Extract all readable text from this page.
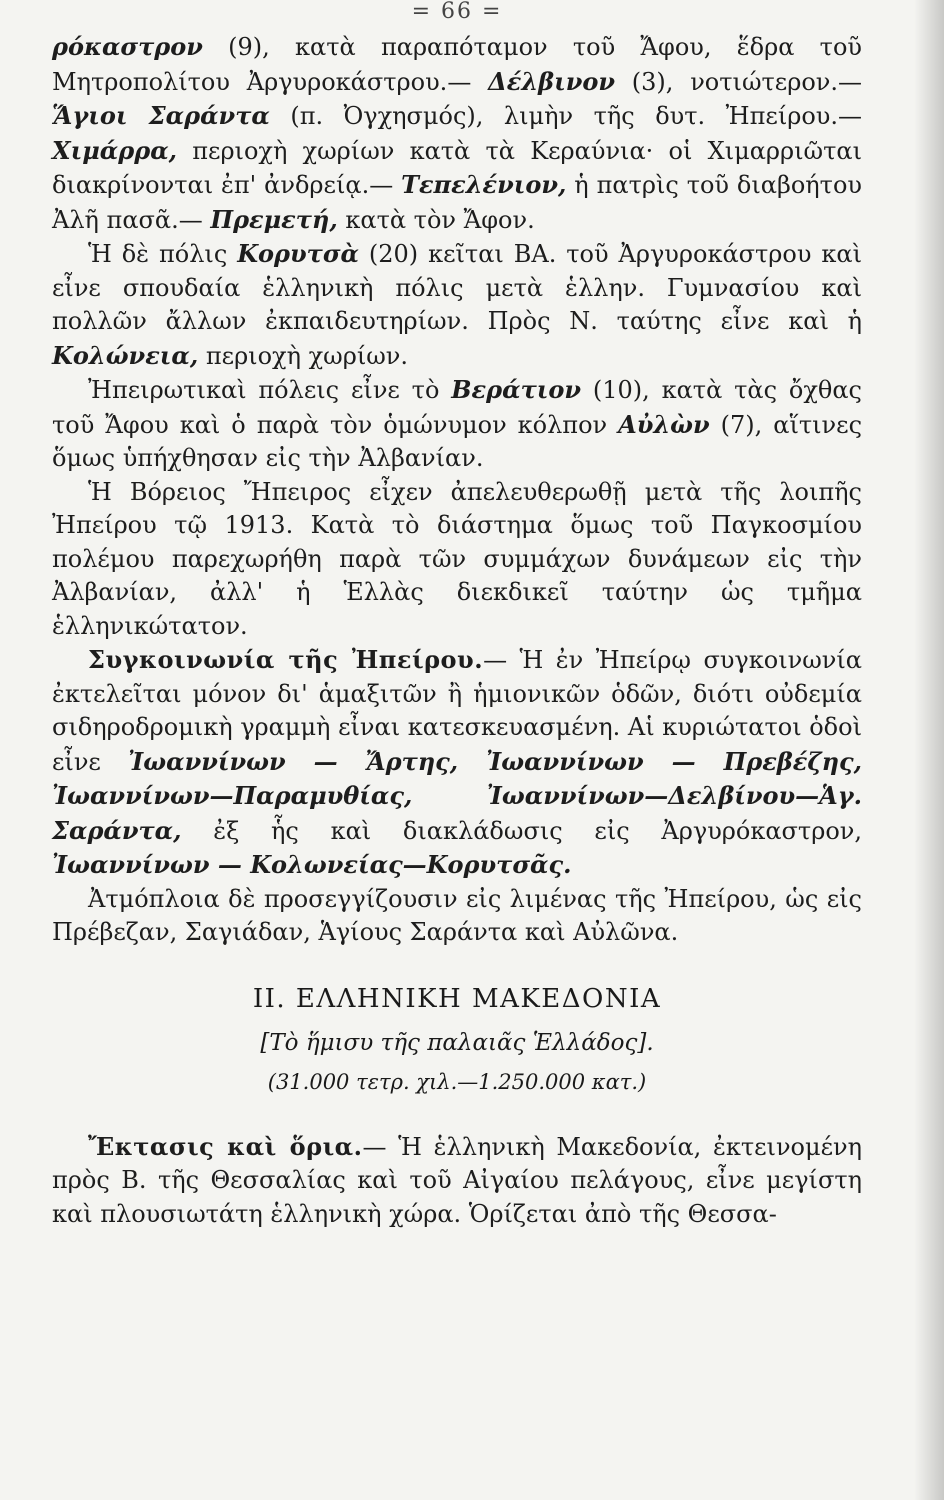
= 66 =

ρόκαστρον (9), κατὰ παραπόταμον τοῦ Ἄφου, ἕδρα τοῦ Μητροπολίτου Ἀργυροκάστρου.— Δέλβινον (3), νοτιώτερον.— Ἅγιοι Σαράντα (π. Ὀγχησμός), λιμὴν τῆς δυτ. Ἠπείρου.— Χιμάρρα, περιοχὴ χωρίων κατὰ τὰ Κεραύνια· οἱ Χιμαρριῶται διακρίνονται ἐπ' ἀνδρείᾳ.— Τεπελένιον, ἡ πατρὶς τοῦ διαβοήτου Ἀλῆ πασᾶ.— Πρεμετή, κατὰ τὸν Ἄφον.

Ἡ δὲ πόλις Κορυτσὰ (20) κεῖται ΒΑ. τοῦ Ἀργυροκάστρου καὶ εἶνε σπουδαία ἑλληνικὴ πόλις μετὰ ἑλλην. Γυμνασίου καὶ πολλῶν ἄλλων ἐκπαιδευτηρίων. Πρὸς Ν. ταύτης εἶνε καὶ ἡ Κολώνεια, περιοχὴ χωρίων.

Ἠπειρωτικαὶ πόλεις εἶνε τὸ Βεράτιον (10), κατὰ τὰς ὄχθας τοῦ Ἄφου καὶ ὁ παρὰ τὸν ὁμώνυμον κόλπον Αὐλὼν (7), αἵτινες ὅμως ὑπήχθησαν εἰς τὴν Ἀλβανίαν.

Ἡ Βόρειος Ἤπειρος εἶχεν ἀπελευθερωθῇ μετὰ τῆς λοιπῆς Ἠπείρου τῷ 1913. Κατὰ τὸ διάστημα ὅμως τοῦ Παγκοσμίου πολέμου παρεχωρήθη παρὰ τῶν συμμάχων δυνάμεων εἰς τὴν Ἀλβανίαν, ἀλλ' ἡ Ἑλλὰς διεκδικεῖ ταύτην ὡς τμῆμα ἑλληνικώτατον.

Συγκοινωνία τῆς Ἠπείρου.— Ἡ ἐν Ἠπείρῳ συγκοινωνία ἐκτελεῖται μόνον δι' ἁμαξιτῶν ἢ ἡμιονικῶν ὁδῶν, διότι οὐδεμία σιδηροδρομικὴ γραμμὴ εἶναι κατεσκευασμένη. Αἱ κυριώτατοι ὁδοὶ εἶνε Ἰωαννίνων — Ἄρτης, Ἰωαννίνων — Πρεβέζης, Ἰωαννίνων—Παραμυθίας, Ἰωαννίνων—Δελβίνου—Ἁγ. Σαράντα, ἐξ ἧς καὶ διακλάδωσις εἰς Ἀργυρόκαστρον, Ἰωαννίνων — Κολωνείας—Κορυτσᾶς.

Ἀτμόπλοια δὲ προσεγγίζουσιν εἰς λιμένας τῆς Ἠπείρου, ὡς εἰς Πρέβεζαν, Σαγιάδαν, Ἁγίους Σαράντα καὶ Αὐλῶνα.

II. ΕΛΛΗΝΙΚΗ ΜΑΚΕΔΟΝΙΑ
[Τὸ ἥμισυ τῆς παλαιᾶς Ἑλλάδος].
(31.000 τετρ. χιλ.—1.250.000 κατ.)

Ἔκτασις καὶ ὅρια.— Ἡ ἑλληνικὴ Μακεδονία, ἐκτεινομένη πρὸς Β. τῆς Θεσσαλίας καὶ τοῦ Αἰγαίου πελάγους, εἶνε μεγίστη καὶ πλουσιωτάτη ἑλληνικὴ χώρα. Ὁρίζεται ἀπὸ τῆς Θεσσα-
